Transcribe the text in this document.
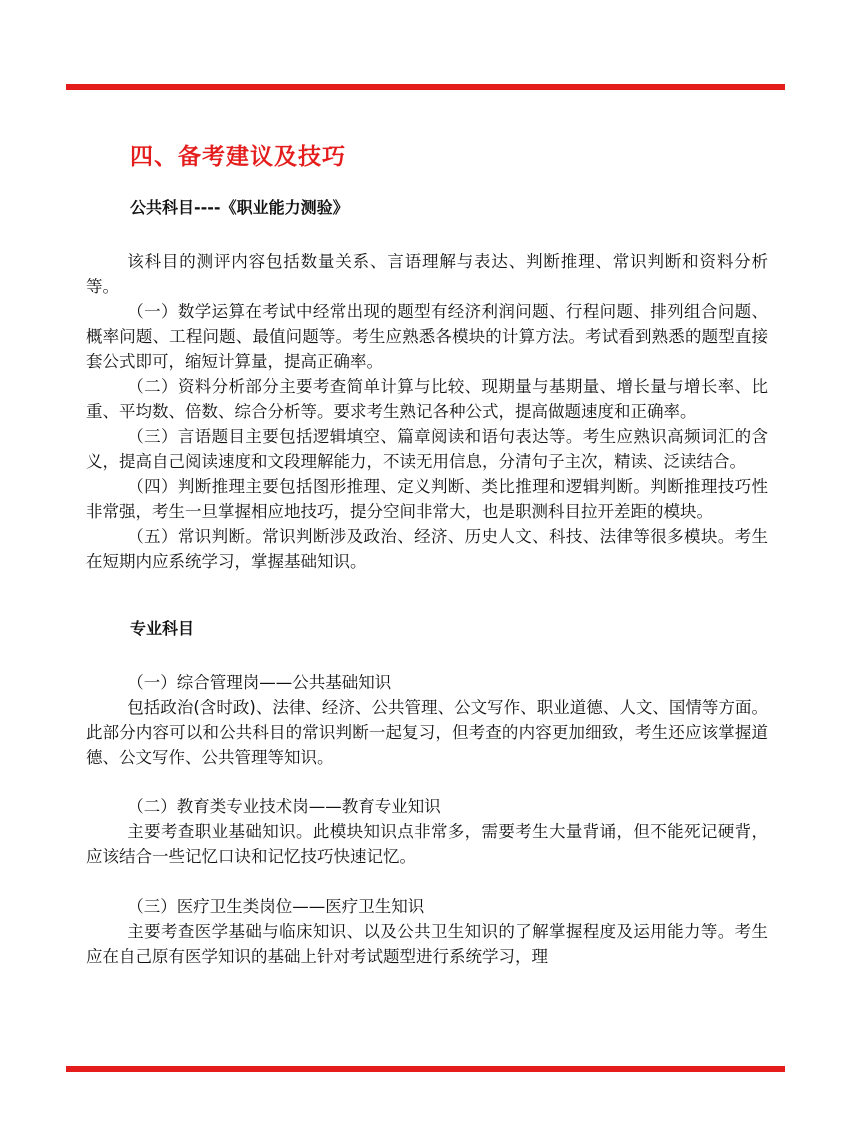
四、备考建议及技巧
公共科目----《职业能力测验》

该科目的测评内容包括数量关系、言语理解与表达、判断推理、常识判断和资料分析等。

（一）数学运算在考试中经常出现的题型有经济利润问题、行程问题、排列组合问题、概率问题、工程问题、最值问题等。考生应熟悉各模块的计算方法。考试看到熟悉的题型直接套公式即可，缩短计算量，提高正确率。

（二）资料分析部分主要考查简单计算与比较、现期量与基期量、增长量与增长率、比重、平均数、倍数、综合分析等。要求考生熟记各种公式，提高做题速度和正确率。

（三）言语题目主要包括逻辑填空、篇章阅读和语句表达等。考生应熟识高频词汇的含义，提高自己阅读速度和文段理解能力，不读无用信息，分清句子主次，精读、泛读结合。

（四）判断推理主要包括图形推理、定义判断、类比推理和逻辑判断。判断推理技巧性非常强，考生一旦掌握相应地技巧，提分空间非常大，也是职测科目拉开差距的模块。

（五）常识判断。常识判断涉及政治、经济、历史人文、科技、法律等很多模块。考生在短期内应系统学习，掌握基础知识。

专业科目

（一）综合管理岗——公共基础知识

包括政治(含时政)、法律、经济、公共管理、公文写作、职业道德、人文、国情等方面。此部分内容可以和公共科目的常识判断一起复习，但考查的内容更加细致，考生还应该掌握道德、公文写作、公共管理等知识。

（二）教育类专业技术岗——教育专业知识

主要考查职业基础知识。此模块知识点非常多，需要考生大量背诵，但不能死记硬背，应该结合一些记忆口诀和记忆技巧快速记忆。

（三）医疗卫生类岗位——医疗卫生知识

主要考查医学基础与临床知识、以及公共卫生知识的了解掌握程度及运用能力等。考生应在自己原有医学知识的基础上针对考试题型进行系统学习，理
